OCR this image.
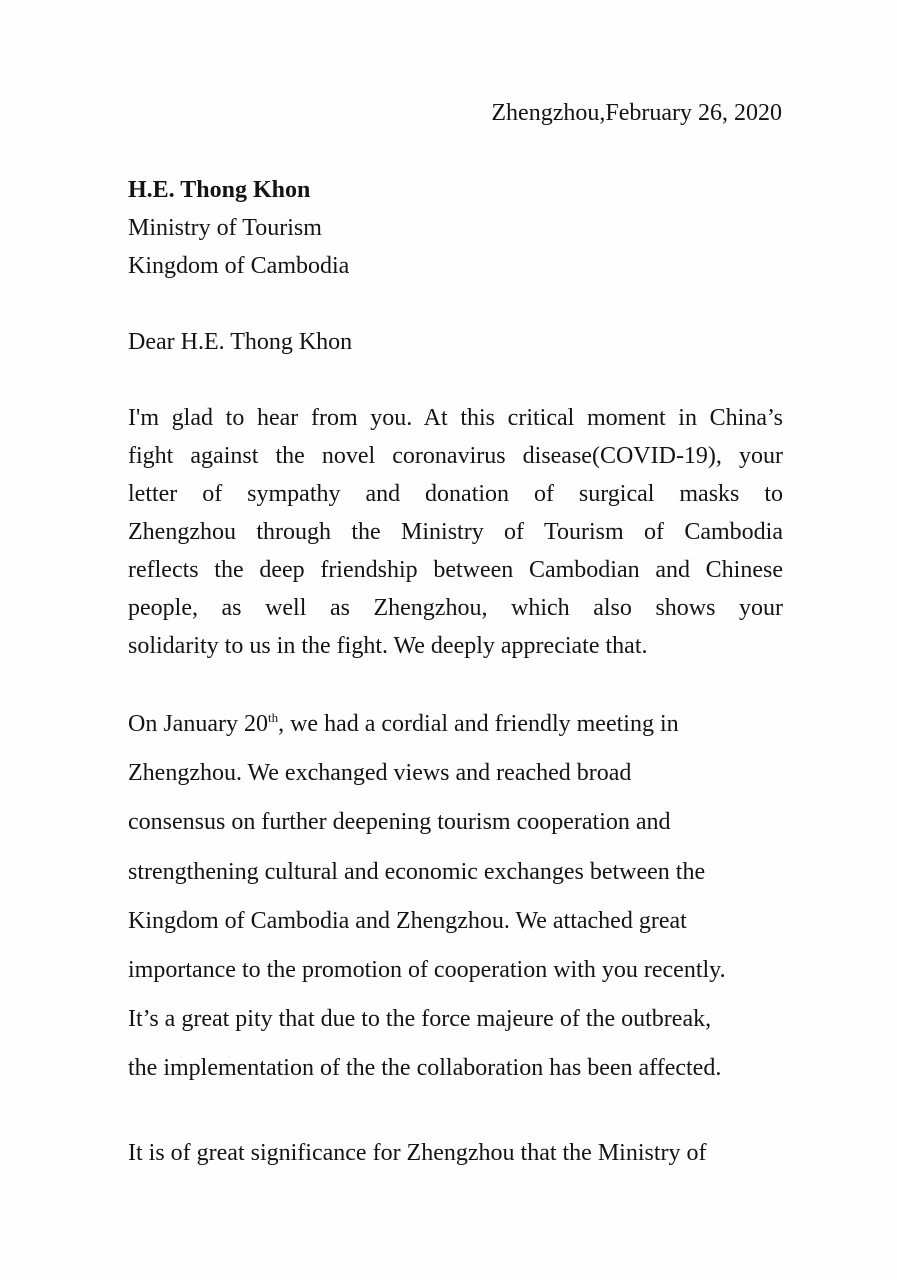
Zhengzhou,February 26, 2020
H.E. Thong Khon
Ministry of Tourism
Kingdom of Cambodia
Dear H.E. Thong Khon
I'm glad to hear from you. At this critical moment in China’s
fight against the novel coronavirus disease(COVID-19), your
letter of sympathy and donation of surgical masks to
Zhengzhou through the Ministry of Tourism of Cambodia
reflects the deep friendship between Cambodian and Chinese
people, as well as Zhengzhou, which also shows your
solidarity to us in the fight. We deeply appreciate that.
On January 20th, we had a cordial and friendly meeting in
Zhengzhou. We exchanged views and reached broad
consensus on further deepening tourism cooperation and
strengthening cultural and economic exchanges between the
Kingdom of Cambodia and Zhengzhou. We attached great
importance to the promotion of cooperation with you recently.
It’s a great pity that due to the force majeure of the outbreak,
the implementation of the the collaboration has been affected.
It is of great significance for Zhengzhou that the Ministry of
